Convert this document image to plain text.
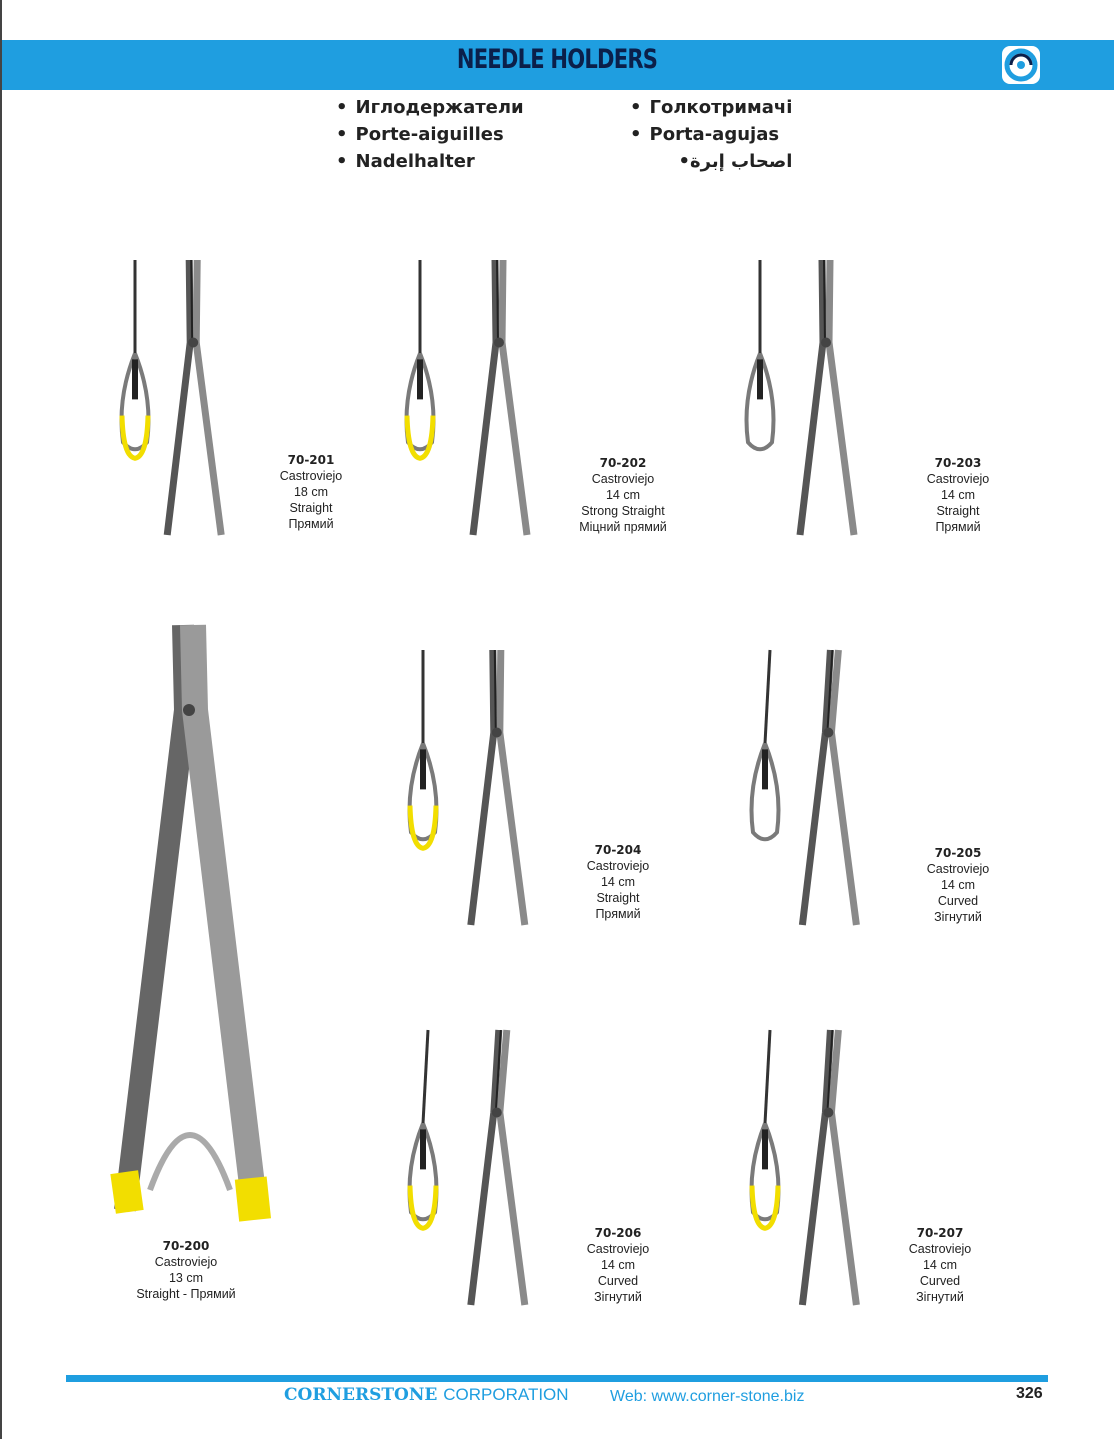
NEEDLE HOLDERS
• Иглодержатели
• Porte-aiguilles
• Nadelhalter
• Голкотримачі
• Porta-agujas
اصحاب إبرة •
70-201
Castroviejo
18 cm
Straight
Прямий
70-202
Castroviejo
14 cm
Strong Straight
Міцний прямий
70-203
Castroviejo
14 cm
Straight
Прямий
70-200
Castroviejo
13 cm
Straight - Прямий
70-204
Castroviejo
14 cm
Straight
Прямий
70-205
Castroviejo
14 cm
Curved
Зігнутий
70-206
Castroviejo
14 cm
Curved
Зігнутий
70-207
Castroviejo
14 cm
Curved
Зігнутий
CORNERSTONE CORPORATION	Web: www.corner-stone.biz	326
